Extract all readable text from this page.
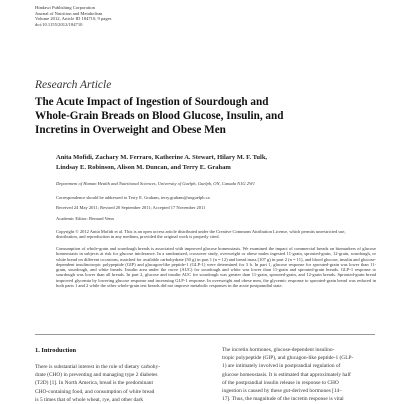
Hindawi Publishing Corporation
Journal of Nutrition and Metabolism
Volume 2012, Article ID 184710, 9 pages
doi:10.1155/2012/184710
Research Article
The Acute Impact of Ingestion of Sourdough and
Whole-Grain Breads on Blood Glucose, Insulin, and
Incretins in Overweight and Obese Men
Anita Mofidi, Zachary M. Ferraro, Katherine A. Stewart, Hilary M. F. Tulk,
Lindsay E. Robinson, Alison M. Duncan, and Terry E. Graham
Department of Human Health and Nutritional Sciences, University of Guelph, Guelph, ON, Canada N1G 2W1
Correspondence should be addressed to Terry E. Graham, terry.graham@uoguelph.ca
Received 24 May 2011; Revised 20 September 2011; Accepted 17 November 2011
Academic Editor: Bernard Venn
Copyright © 2012 Anita Mofidi et al. This is an open access article distributed under the Creative Commons Attribution License, which permits unrestricted use, distribution, and reproduction in any medium, provided the original work is properly cited.
Consumption of whole-grain and sourdough breads is associated with improved glucose homeostasis. We examined the impact of commercial breads on biomarkers of glucose homeostasis in subjects at risk for glucose intolerance. In a randomized, crossover study, overweight or obese males ingested 11-grain, sprouted-grain, 12-grain, sourdough, or white bread on different occasions, matched for available carbohydrate (50 g) in part 1 (n = 12) and bread mass (107 g) in part 2 (n = 11), and blood glucose, insulin and glucose-dependent insulinotropic polypeptide (GIP) and glucagon-like peptide-1 (GLP-1) were determined for 3 h. In part 1, glucose response for sprouted-grain was lower than 11-grain, sourdough, and white breads. Insulin area under the curve (AUC) for sourdough and white was lower than 11-grain and sprouted-grain breads. GLP-1 response to sourdough was lower than all breads. In part 2, glucose and insulin AUC for sourdough was greater than 11-grain, sprouted-grain, and 12-grain breads. Sprouted-grain bread improved glycemia by lowering glucose response and increasing GLP-1 response. In overweight and obese men, the glycemic response to sprouted-grain bread was reduced in both parts 1 and 2 while the other whole-grain test breads did not improve metabolic responses in the acute postprandial state.
1. Introduction
There is substantial interest in the role of dietary carbohy-
drate (CHO) in preventing and managing type 2 diabetes
(T2D) [1]. In North America, bread is the predominant
CHO-containing food, and consumption of white bread
is 5 times that of whole wheat, rye, and other dark
The incretin hormones, glucose-dependent insulino-
tropic polypeptide (GIP), and glucagon-like peptide-1 (GLP-
1) are intimately involved in postprandial regulation of
glucose homeostasis. It is estimated that approximately half
of the postprandial insulin release in response to CHO
ingestion is caused by these gut-derived hormones [14–
17]. Thus, the magnitude of the incretin response is vital
